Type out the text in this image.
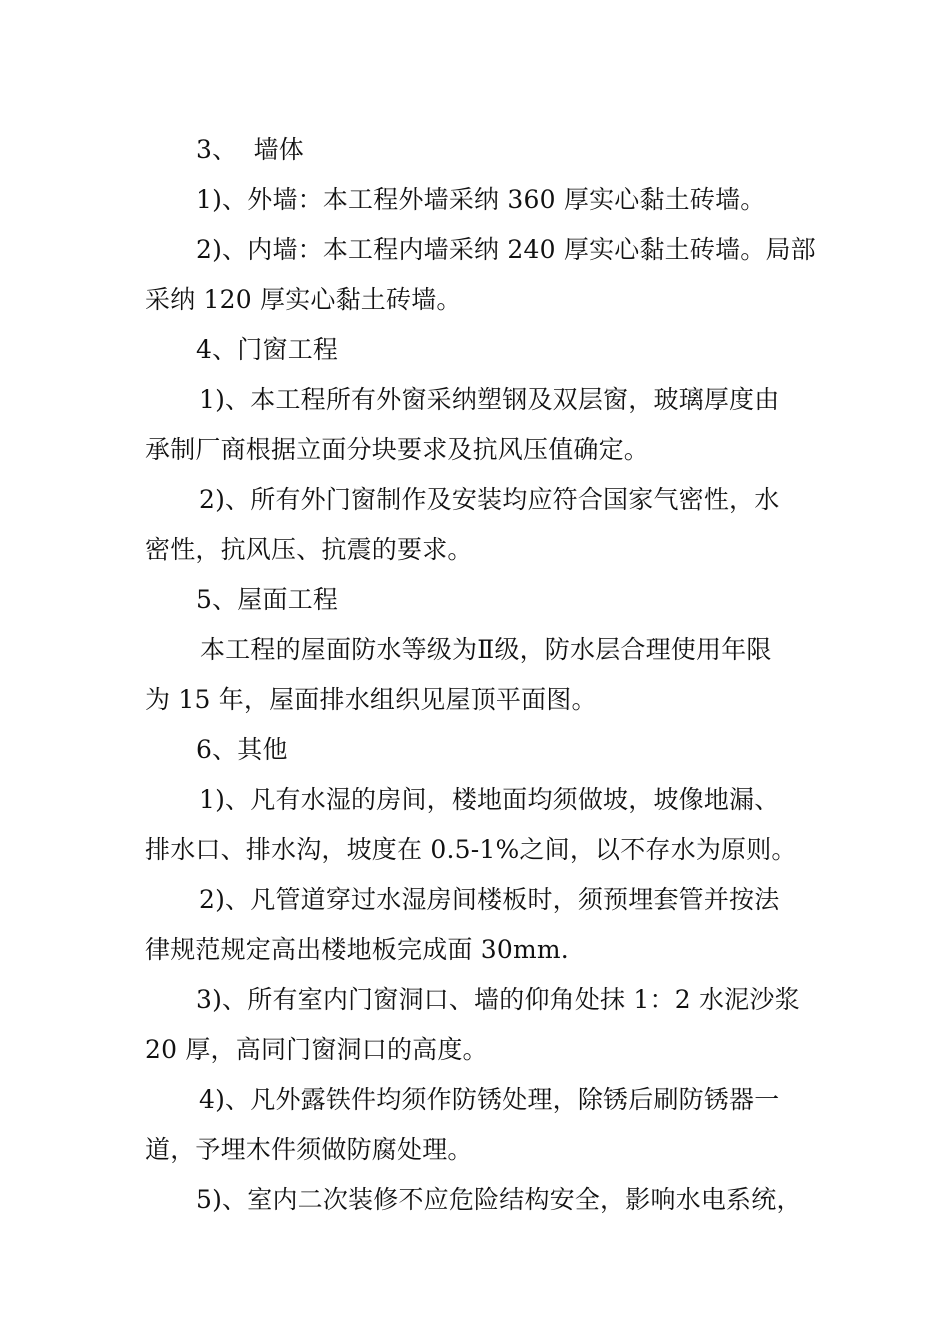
3、  墙体
1)、外墙：本工程外墙采纳 360 厚实心黏土砖墙。
2)、内墙：本工程内墙采纳 240 厚实心黏土砖墙。局部
采纳 120 厚实心黏土砖墙。
4、门窗工程
1)、本工程所有外窗采纳塑钢及双层窗，玻璃厚度由
承制厂商根据立面分块要求及抗风压值确定。
2)、所有外门窗制作及安装均应符合国家气密性，水
密性，抗风压、抗震的要求。
5、屋面工程
本工程的屋面防水等级为Ⅱ级，防水层合理使用年限
为 15 年，屋面排水组织见屋顶平面图。
6、其他
1)、凡有水湿的房间，楼地面均须做坡，坡像地漏、
排水口、排水沟，坡度在 0.5-1%之间，以不存水为原则。
2)、凡管道穿过水湿房间楼板时，须预埋套管并按法
律规范规定高出楼地板完成面 30mm.
3)、所有室内门窗洞口、墙的仰角处抹 1：2 水泥沙浆
20 厚，高同门窗洞口的高度。
4)、凡外露铁件均须作防锈处理，除锈后刷防锈器一
道，予埋木件须做防腐处理。
5)、室内二次装修不应危险结构安全，影响水电系统，
